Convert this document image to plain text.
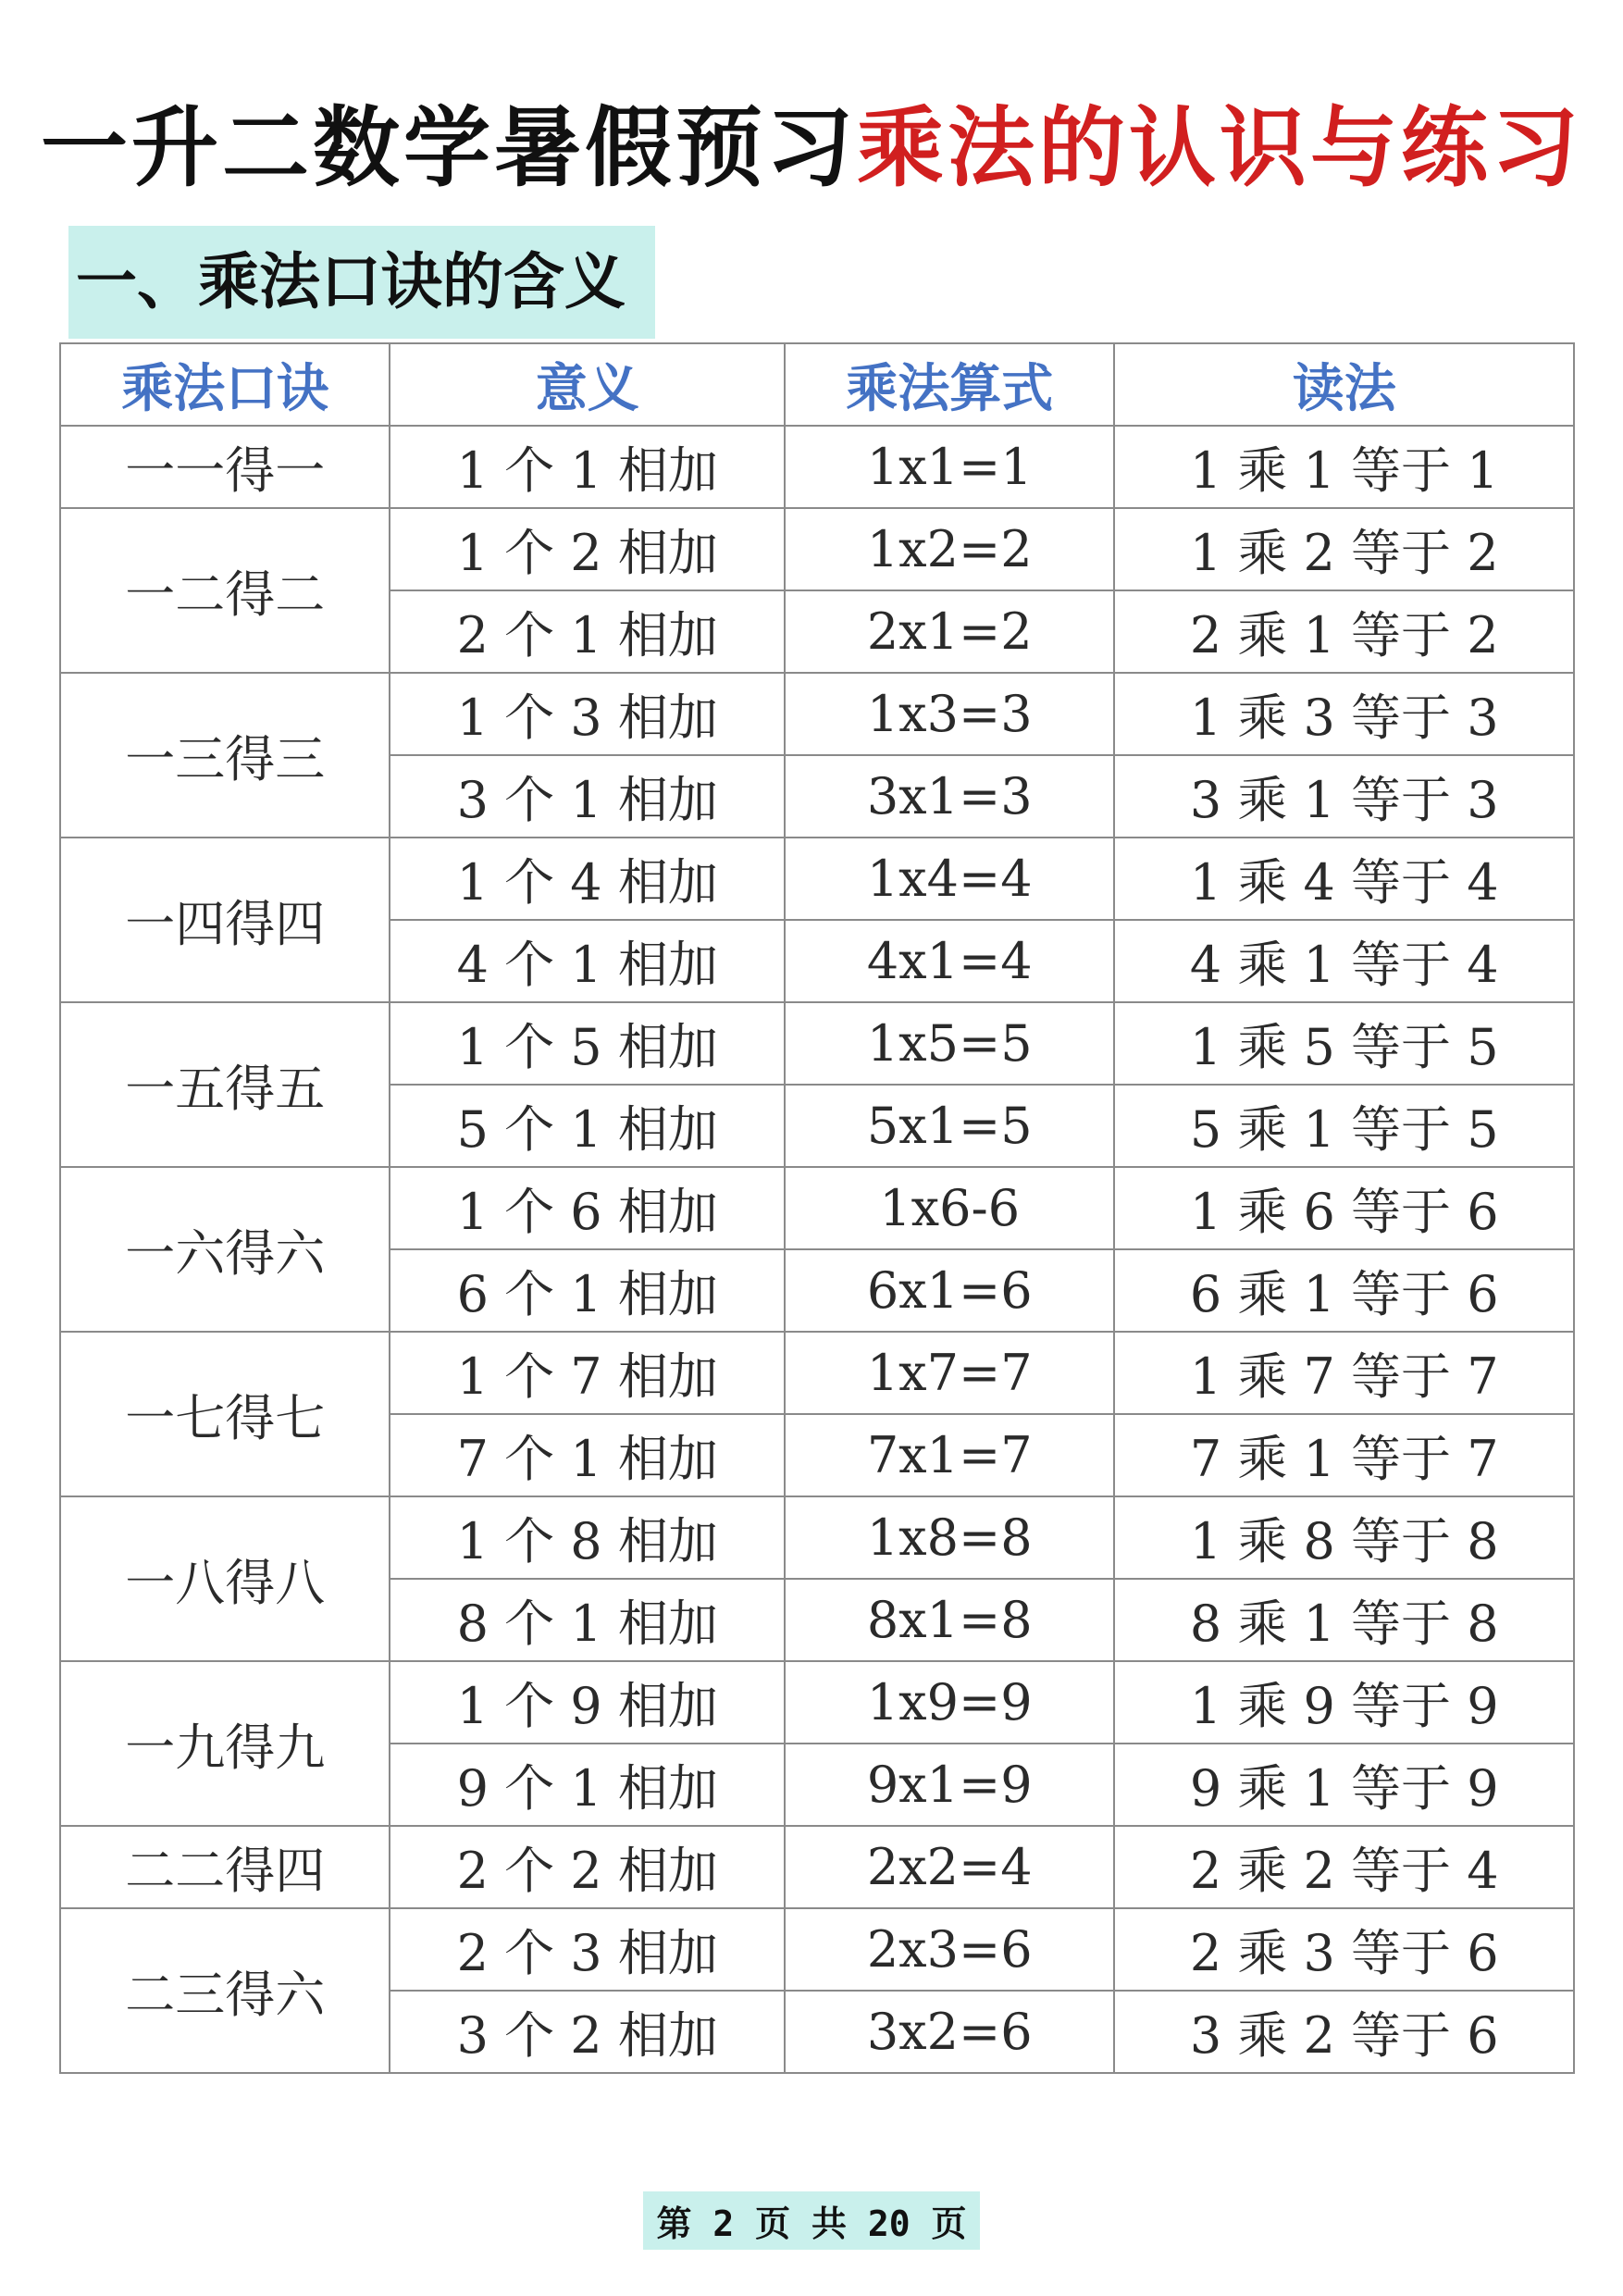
一升二数学暑假预习乘法的认识与练习
一、乘法口诀的含义
乘法口诀	意义	乘法算式	读法
一一得一	1 个 1 相加	1x1=1	1 乘 1 等于 1
一二得二	1 个 2 相加	1x2=2	1 乘 2 等于 2
	2 个 1 相加	2x1=2	2 乘 1 等于 2
一三得三	1 个 3 相加	1x3=3	1 乘 3 等于 3
	3 个 1 相加	3x1=3	3 乘 1 等于 3
一四得四	1 个 4 相加	1x4=4	1 乘 4 等于 4
	4 个 1 相加	4x1=4	4 乘 1 等于 4
一五得五	1 个 5 相加	1x5=5	1 乘 5 等于 5
	5 个 1 相加	5x1=5	5 乘 1 等于 5
一六得六	1 个 6 相加	1x6-6	1 乘 6 等于 6
	6 个 1 相加	6x1=6	6 乘 1 等于 6
一七得七	1 个 7 相加	1x7=7	1 乘 7 等于 7
	7 个 1 相加	7x1=7	7 乘 1 等于 7
一八得八	1 个 8 相加	1x8=8	1 乘 8 等于 8
	8 个 1 相加	8x1=8	8 乘 1 等于 8
一九得九	1 个 9 相加	1x9=9	1 乘 9 等于 9
	9 个 1 相加	9x1=9	9 乘 1 等于 9
二二得四	2 个 2 相加	2x2=4	2 乘 2 等于 4
二三得六	2 个 3 相加	2x3=6	2 乘 3 等于 6
	3 个 2 相加	3x2=6	3 乘 2 等于 6
第 2 页 共 20 页
